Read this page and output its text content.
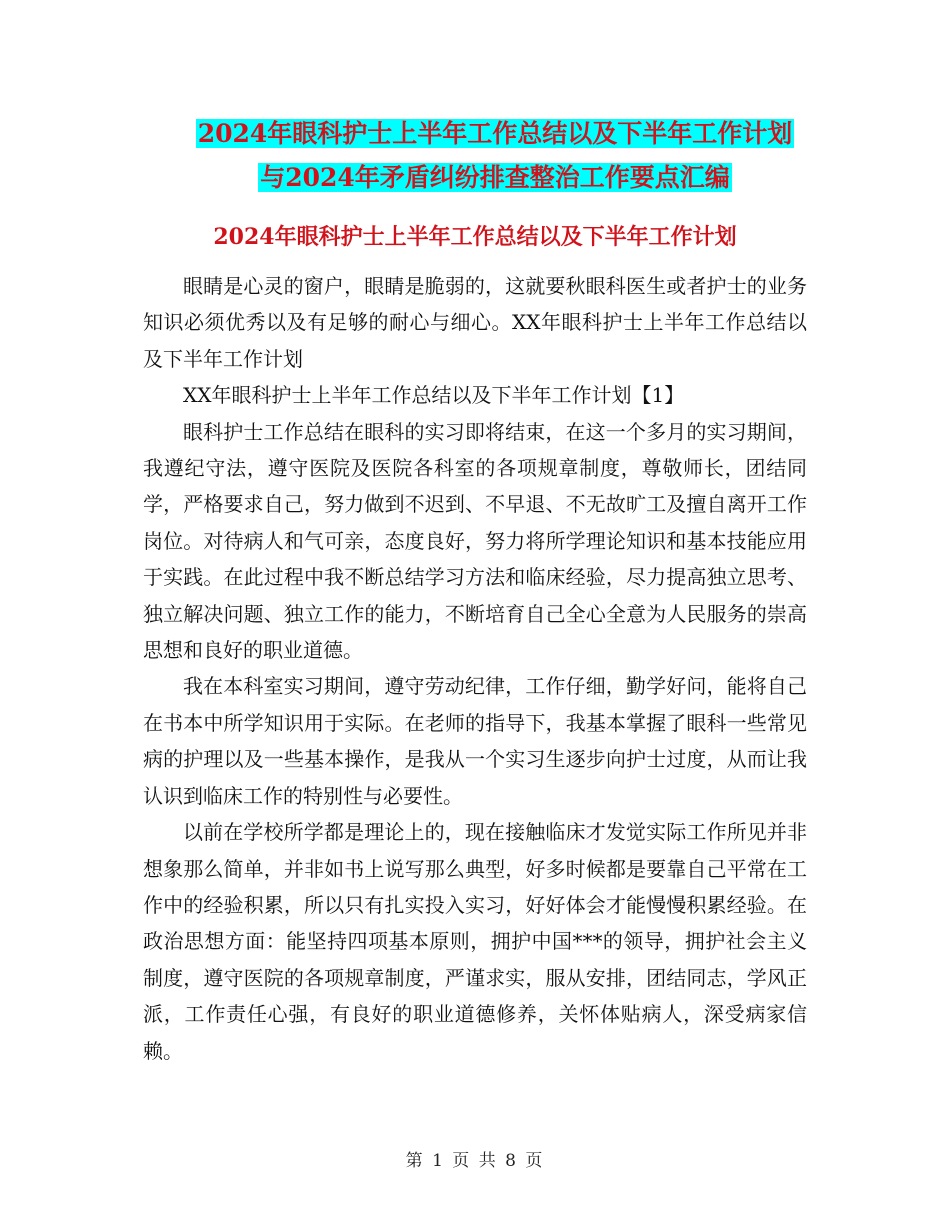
2024年眼科护士上半年工作总结以及下半年工作计划
与2024年矛盾纠纷排查整治工作要点汇编
2024年眼科护士上半年工作总结以及下半年工作计划

眼睛是心灵的窗户，眼睛是脆弱的，这就要秋眼科医生或者护士的业务知识必须优秀以及有足够的耐心与细心。XX年眼科护士上半年工作总结以及下半年工作计划

XX年眼科护士上半年工作总结以及下半年工作计划【1】

眼科护士工作总结在眼科的实习即将结束，在这一个多月的实习期间，我遵纪守法，遵守医院及医院各科室的各项规章制度，尊敬师长，团结同学，严格要求自己，努力做到不迟到、不早退、不无故旷工及擅自离开工作岗位。对待病人和气可亲，态度良好，努力将所学理论知识和基本技能应用于实践。在此过程中我不断总结学习方法和临床经验，尽力提高独立思考、独立解决问题、独立工作的能力，不断培育自己全心全意为人民服务的崇高思想和良好的职业道德。

我在本科室实习期间，遵守劳动纪律，工作仔细，勤学好问，能将自己在书本中所学知识用于实际。在老师的指导下，我基本掌握了眼科一些常见病的护理以及一些基本操作，是我从一个实习生逐步向护士过度，从而让我认识到临床工作的特别性与必要性。

以前在学校所学都是理论上的，现在接触临床才发觉实际工作所见并非想象那么简单，并非如书上说写那么典型，好多时候都是要靠自己平常在工作中的经验积累，所以只有扎实投入实习，好好体会才能慢慢积累经验。在政治思想方面：能坚持四项基本原则，拥护中国***的领导，拥护社会主义制度，遵守医院的各项规章制度，严谨求实，服从安排，团结同志，学风正派，工作责任心强，有良好的职业道德修养，关怀体贴病人，深受病家信赖。

第 1 页 共 8 页
